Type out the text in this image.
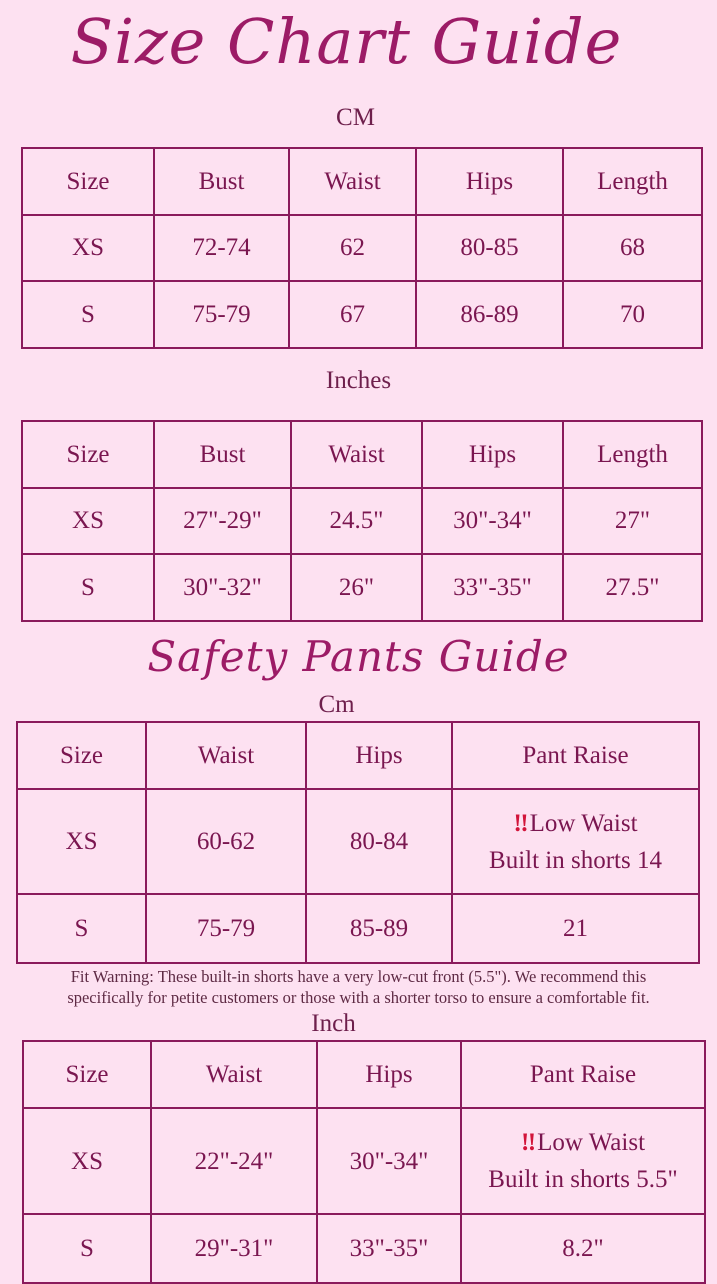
Size Chart Guide
CM
Size	Bust	Waist	Hips	Length
XS	72-74	62	80-85	68
S	75-79	67	86-89	70
Inches
Size	Bust	Waist	Hips	Length
XS	27"-29"	24.5"	30"-34"	27"
S	30"-32"	26"	33"-35"	27.5"
Safety Pants Guide
Cm
Size	Waist	Hips	Pant Raise
XS	60-62	80-84	‼ Low Waist
Built in shorts 14
S	75-79	85-89	21
Fit Warning: These built-in shorts have a very low-cut front (5.5"). We recommend this
specifically for petite customers or those with a shorter torso to ensure a comfortable fit.
Inch
Size	Waist	Hips	Pant Raise
XS	22"-24"	30"-34"	‼ Low Waist
Built in shorts 5.5"
S	29"-31"	33"-35"	8.2"
